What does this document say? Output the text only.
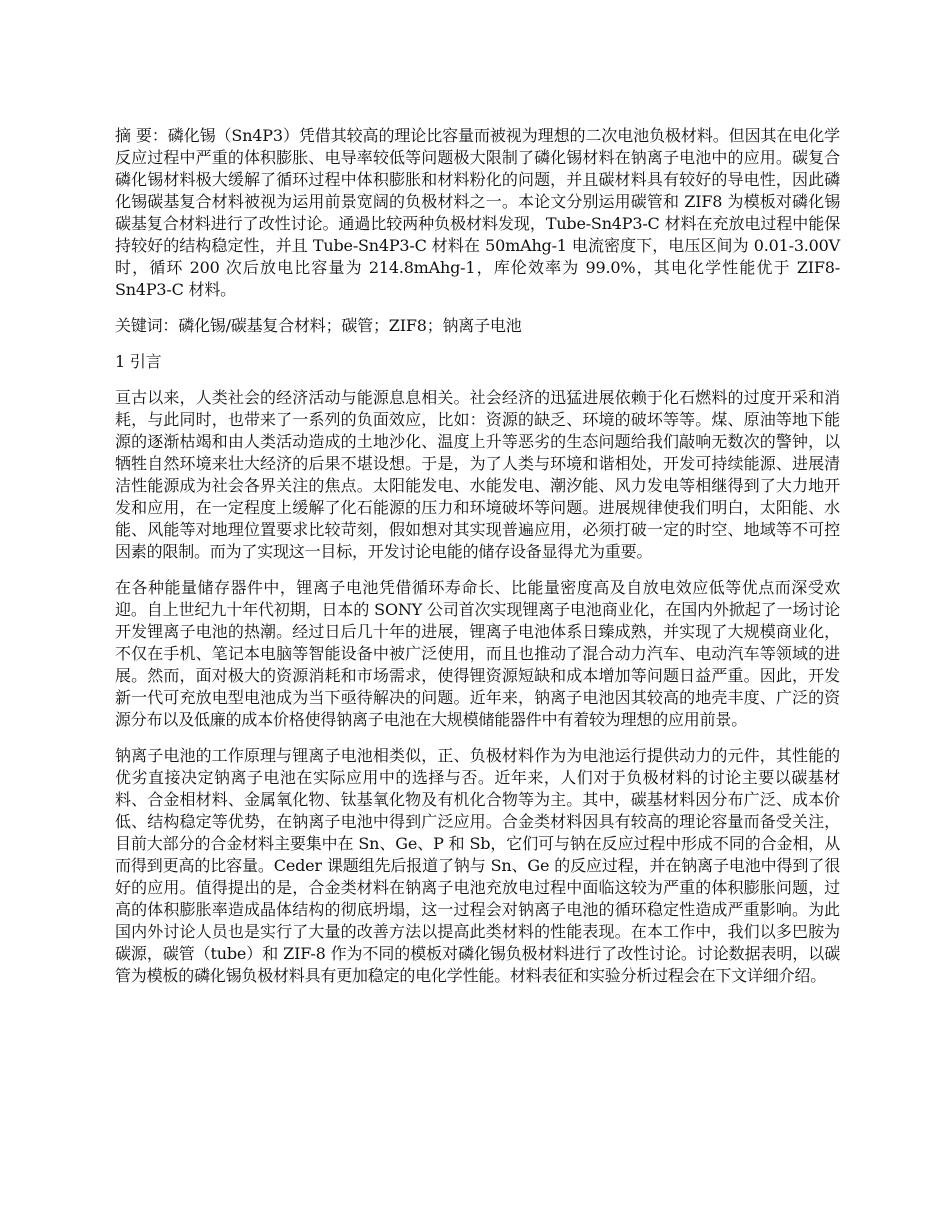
摘 要：磷化锡（Sn4P3）凭借其较高的理论比容量而被视为理想的二次电池负极材料。但因其在电化学反应过程中严重的体积膨胀、电导率较低等问题极大限制了磷化锡材料在钠离子电池中的应用。碳复合磷化锡材料极大缓解了循环过程中体积膨胀和材料粉化的问题，并且碳材料具有较好的导电性，因此磷化锡碳基复合材料被视为运用前景宽阔的负极材料之一。本论文分别运用碳管和 ZIF8 为模板对磷化锡碳基复合材料进行了改性讨论。通過比较两种负极材料发现，Tube-Sn4P3-C 材料在充放电过程中能保持较好的结构稳定性，并且 Tube-Sn4P3-C 材料在 50mAhg-1 电流密度下，电压区间为 0.01-3.00V 时，循环 200 次后放电比容量为 214.8mAhg-1，库伦效率为 99.0%，其电化学性能优于 ZIF8-Sn4P3-C 材料。

关键词：磷化锡/碳基复合材料；碳管；ZIF8；钠离子电池

1 引言

亘古以来，人类社会的经济活动与能源息息相关。社会经济的迅猛进展依赖于化石燃料的过度开采和消耗，与此同时，也带来了一系列的负面效应，比如：资源的缺乏、环境的破坏等等。煤、原油等地下能源的逐渐枯竭和由人类活动造成的土地沙化、温度上升等恶劣的生态问题给我们敲响无数次的警钟，以牺牲自然环境来壮大经济的后果不堪设想。于是，为了人类与环境和谐相处，开发可持续能源、进展清洁性能源成为社会各界关注的焦点。太阳能发电、水能发电、潮汐能、风力发电等相继得到了大力地开发和应用，在一定程度上缓解了化石能源的压力和环境破坏等问题。进展规律使我们明白，太阳能、水能、风能等对地理位置要求比较苛刻，假如想对其实现普遍应用，必须打破一定的时空、地域等不可控因素的限制。而为了实现这一目标，开发讨论电能的储存设备显得尤为重要。

在各种能量储存器件中，锂离子电池凭借循环寿命长、比能量密度高及自放电效应低等优点而深受欢迎。自上世纪九十年代初期，日本的 SONY 公司首次实现锂离子电池商业化，在国内外掀起了一场讨论开发锂离子电池的热潮。经过日后几十年的进展，锂离子电池体系日臻成熟，并实现了大规模商业化，不仅在手机、笔记本电脑等智能设备中被广泛使用，而且也推动了混合动力汽车、电动汽车等领域的进展。然而，面对极大的资源消耗和市场需求，使得锂资源短缺和成本增加等问题日益严重。因此，开发新一代可充放电型电池成为当下亟待解决的问题。近年来，钠离子电池因其较高的地壳丰度、广泛的资源分布以及低廉的成本价格使得钠离子电池在大规模储能器件中有着较为理想的应用前景。

钠离子电池的工作原理与锂离子电池相类似，正、负极材料作为为电池运行提供动力的元件，其性能的优劣直接决定钠离子电池在实际应用中的选择与否。近年来，人们对于负极材料的讨论主要以碳基材料、合金相材料、金属氧化物、钛基氧化物及有机化合物等为主。其中，碳基材料因分布广泛、成本价低、结构稳定等优势，在钠离子电池中得到广泛应用。合金类材料因具有较高的理论容量而备受关注，目前大部分的合金材料主要集中在 Sn、Ge、P 和 Sb，它们可与钠在反应过程中形成不同的合金相，从而得到更高的比容量。Ceder 课题组先后报道了钠与 Sn、Ge 的反应过程，并在钠离子电池中得到了很好的应用。值得提出的是，合金类材料在钠离子电池充放电过程中面临这较为严重的体积膨胀问题，过高的体积膨胀率造成晶体结构的彻底坍塌，这一过程会对钠离子电池的循环稳定性造成严重影响。为此国内外讨论人员也是实行了大量的改善方法以提高此类材料的性能表现。在本工作中，我们以多巴胺为碳源，碳管（tube）和 ZIF-8 作为不同的模板对磷化锡负极材料进行了改性讨论。讨论数据表明，以碳管为模板的磷化锡负极材料具有更加稳定的电化学性能。材料表征和实验分析过程会在下文详细介绍。
